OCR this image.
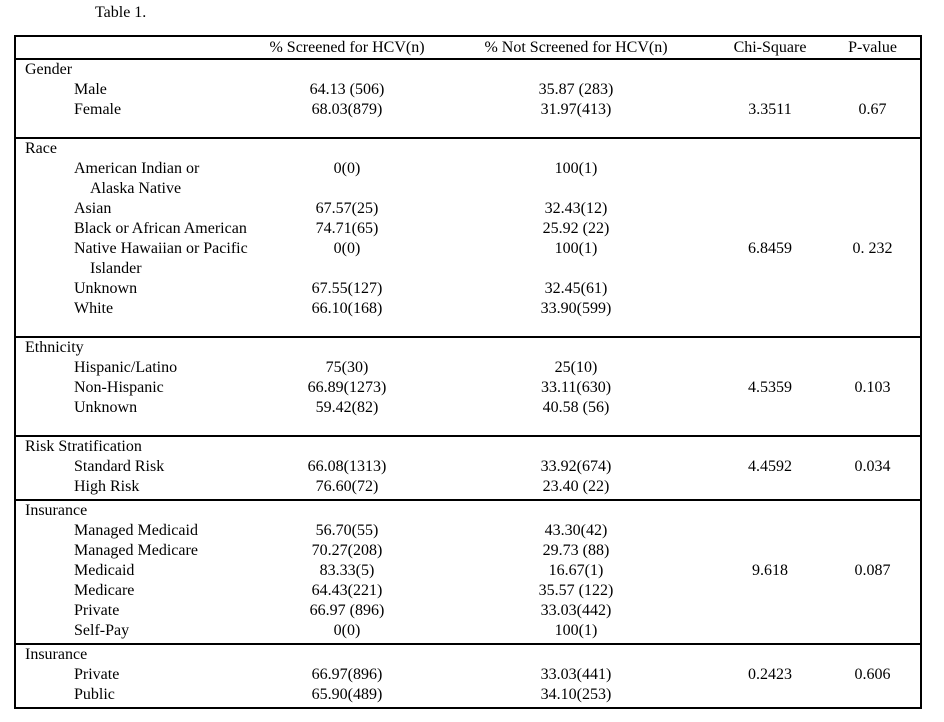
Table 1.
	% Screened for HCV(n)	% Not Screened for HCV(n)	Chi-Square	P-value
Gender				

Male	64.13 (506)	35.87 (283)		

Female	68.03(879)	31.97(413)	3.3511	0.67

Race				

American Indian or
Alaska Native	0(0)	100(1)		

Asian	67.57(25)	32.43(12)		

Black or African American	74.71(65)	25.92 (22)		

Native Hawaiian or Pacific
Islander	0(0)	100(1)	6.8459	0. 232

Unknown	67.55(127)	32.45(61)		

White	66.10(168)	33.90(599)		

Ethnicity				

Hispanic/Latino	75(30)	25(10)		

Non-Hispanic	66.89(1273)	33.11(630)	4.5359	0.103

Unknown	59.42(82)	40.58 (56)		

Risk Stratification				

Standard Risk	66.08(1313)	33.92(674)	4.4592	0.034

High Risk	76.60(72)	23.40 (22)		
Insurance				

Managed Medicaid	56.70(55)	43.30(42)		

Managed Medicare	70.27(208)	29.73 (88)		

Medicaid	83.33(5)	16.67(1)	9.618	0.087

Medicare	64.43(221)	35.57 (122)		

Private	66.97 (896)	33.03(442)		

Self-Pay	0(0)	100(1)		
Insurance				

Private	66.97(896)	33.03(441)	0.2423	0.606

Public	65.90(489)	34.10(253)		
